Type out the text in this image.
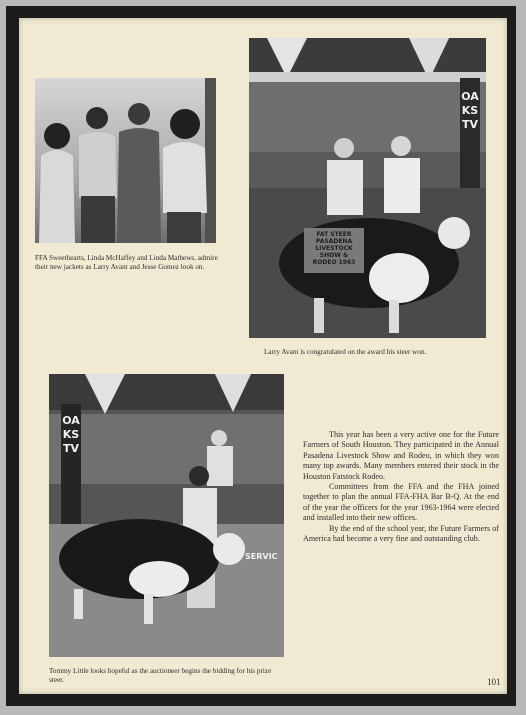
FFA Sweethearts, Linda McHaffey and Linda Mathews, admire their new jackets as Larry Avant and Jesse Gomez look on.
OAKS TV
FAT STEER PASADENA LIVESTOCK SHOW & RODEO 1963
Larry Avant is congratulated on the award his steer won.
OAKS TV
SERVIC
Tommy Little looks hopeful as the auctioneer begins the bidding for his prize steer.

This year has been a very active one for the Future Farmers of South Houston. They participated in the Annual Pasadena Livestock Show and Rodeo, in which they won many top awards. Many members entered their stock in the Houston Fatstock Rodeo.

Committees from the FFA and the FHA joined together to plan the annual FFA-FHA Bar B-Q. At the end of the year the officers for the year 1963-1964 were elected and installed into their new offices.

By the end of the school year, the Future Farmers of America had become a very fine and outstanding club.

101
